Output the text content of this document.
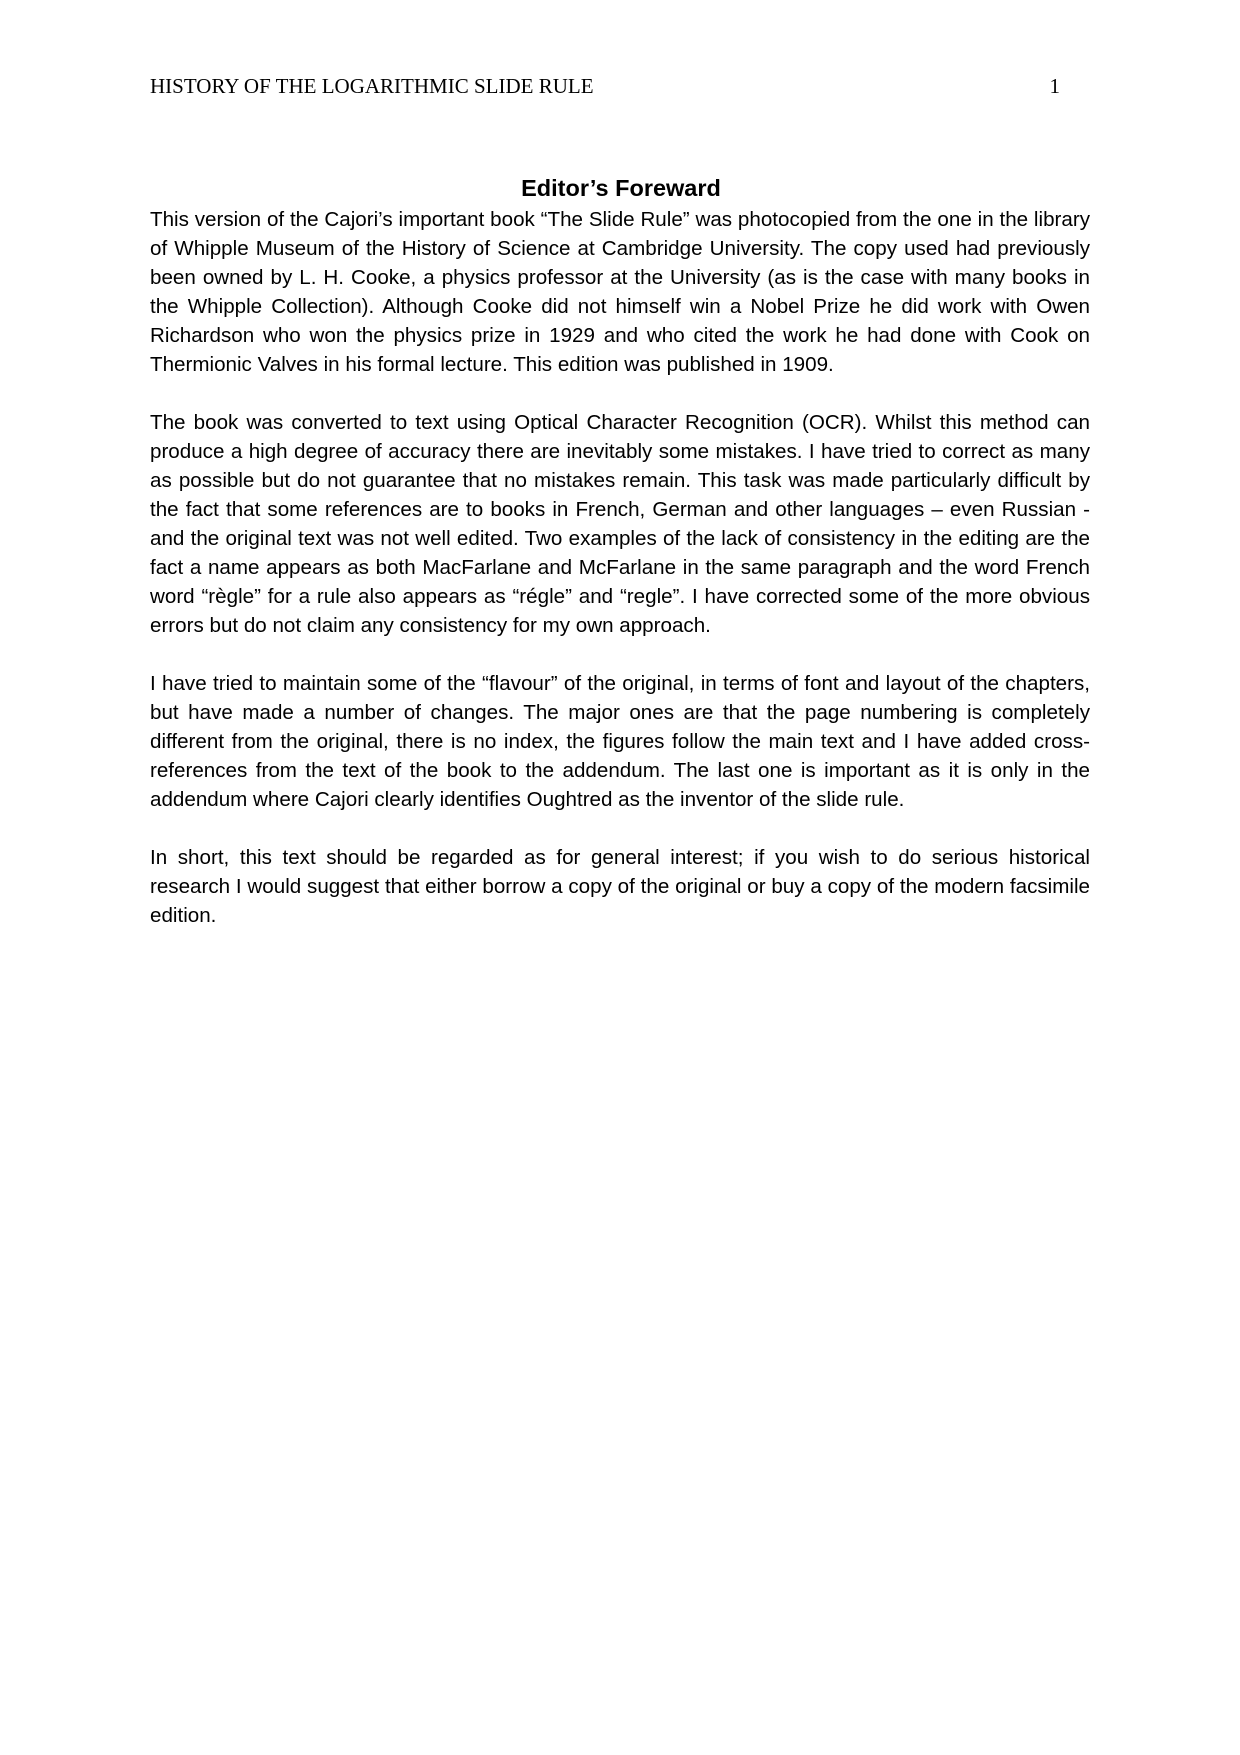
HISTORY OF THE LOGARITHMIC SLIDE RULE	1
Editor’s Foreward

This version of the Cajori’s important book “The Slide Rule” was photocopied from the one in the library of Whipple Museum of the History of Science at Cambridge University. The copy used had previously been owned by L. H. Cooke, a physics professor at the University (as is the case with many books in the Whipple Collection). Although Cooke did not himself win a Nobel Prize he did work with Owen Richardson who won the physics prize in 1929 and who cited the work he had done with Cook on Thermionic Valves in his formal lecture. This edition was published in 1909.

The book was converted to text using Optical Character Recognition (OCR). Whilst this method can produce a high degree of accuracy there are inevitably some mistakes. I have tried to correct as many as possible but do not guarantee that no mistakes remain. This task was made particularly difficult by the fact that some references are to books in French, German and other languages – even Russian - and the original text was not well edited. Two examples of the lack of consistency in the editing are the fact a name appears as both MacFarlane and McFarlane in the same paragraph and the word French word “règle” for a rule also appears as “régle” and “regle”. I have corrected some of the more obvious errors but do not claim any consistency for my own approach.

I have tried to maintain some of the “flavour” of the original, in terms of font and layout of the chapters, but have made a number of changes. The major ones are that the page numbering is completely different from the original, there is no index, the figures follow the main text and I have added cross-references from the text of the book to the addendum. The last one is important as it is only in the addendum where Cajori clearly identifies Oughtred as the inventor of the slide rule.

In short, this text should be regarded as for general interest; if you wish to do serious historical research I would suggest that either borrow a copy of the original or buy a copy of the modern facsimile edition.
